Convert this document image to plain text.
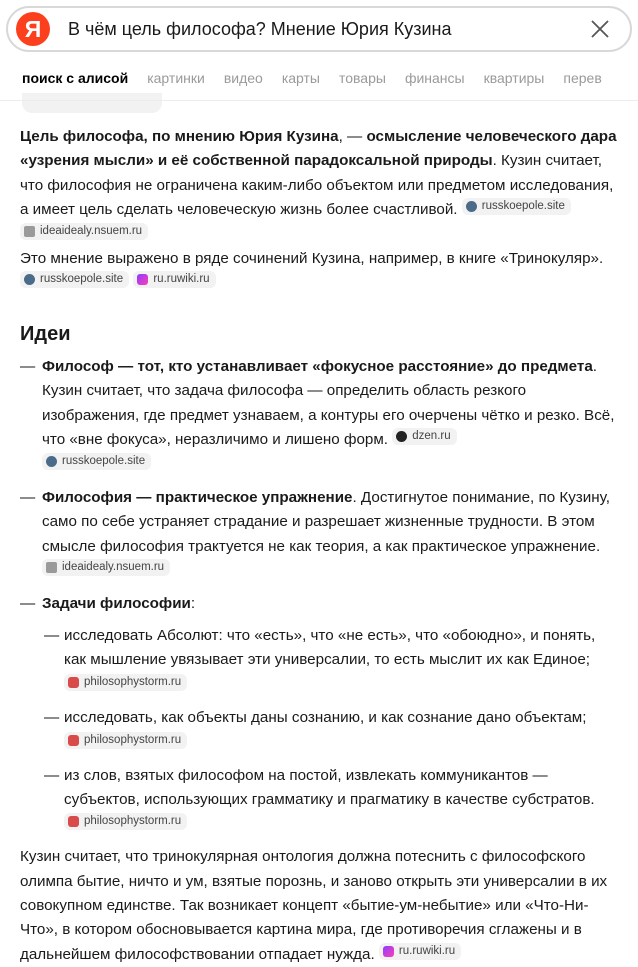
Я	В чём цель философа? Мнение Юрия Кузина
поиск с алисой картинки видео карты товары финансы квартиры перев

Цель философа, по мнению Юрия Кузина, — осмысление человеческого дара «узрения мысли» и её собственной парадоксальной природы. Кузин считает, что философия не ограничена каким-либо объектом или предметом исследования, а имеет цель сделать человеческую жизнь более счастливой. russkoepole.site

ideaidealy.nsuem.ru

Это мнение выражено в ряде сочинений Кузина, например, в книге «Тринокуляр».
russkoepole.site
	ru.ruwiki.ru

Идеи
— Философ — тот, кто устанавливает «фокусное расстояние» до предмета. Кузин считает, что задача философа — определить область резкого изображения, где предмет узнаваем, а контуры его очерчены чётко и резко. Всё, что «вне фокуса», неразличимо и лишено форм. dzen.ru
russkoepole.site
— Философия — практическое упражнение. Достигнутое понимание, по Кузину, само по себе устраняет страдание и разрешает жизненные трудности. В этом смысле философия трактуется не как теория, а как практическое упражнение.
ideaidealy.nsuem.ru
— Задачи философии:
— исследовать Абсолют: что «есть», что «не есть», что «обоюдно», и понять, как мышление увязывает эти универсалии, то есть мыслит их как Единое;
philosophystorm.ru
— исследовать, как объекты даны сознанию, и как сознание дано объектам;
philosophystorm.ru
— из слов, взятых философом на постой, извлекать коммуникантов — субъектов, использующих грамматику и прагматику в качестве субстратов.
philosophystorm.ru

Кузин считает, что тринокулярная онтология должна потеснить с философского олимпа бытие, ничто и ум, взятые порознь, и заново открыть эти универсалии в их совокупном единстве. Так возникает концепт «бытие-ум-небытие» или «Что-Ни-Что», в котором обосновывается картина мира, где противоречия сглажены и в дальнейшем философствовании отпадает нужда. ru.ruwiki.ru
